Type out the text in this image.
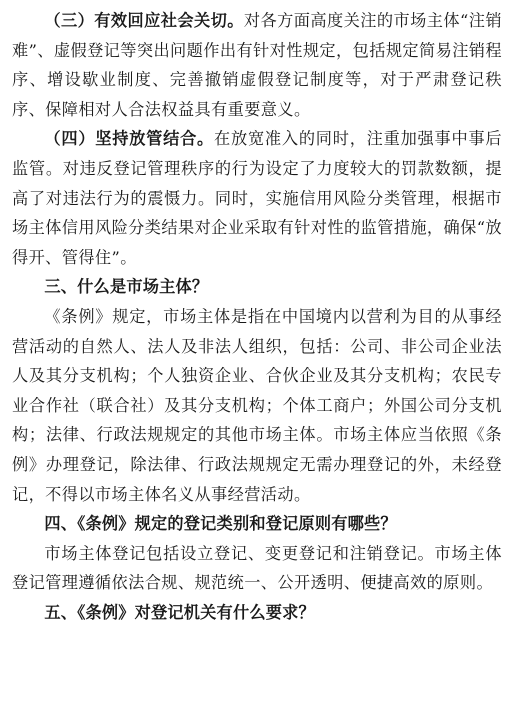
（三）有效回应社会关切。对各方面高度关注的市场主体“注销难”、虚假登记等突出问题作出有针对性规定，包括规定简易注销程序、增设歇业制度、完善撤销虚假登记制度等，对于严肃登记秩序、保障相对人合法权益具有重要意义。

（四）坚持放管结合。在放宽准入的同时，注重加强事中事后监管。对违反登记管理秩序的行为设定了力度较大的罚款数额，提高了对违法行为的震慑力。同时，实施信用风险分类管理，根据市场主体信用风险分类结果对企业采取有针对性的监管措施，确保“放得开、管得住”。

三、什么是市场主体？

《条例》规定，市场主体是指在中国境内以营利为目的从事经营活动的自然人、法人及非法人组织，包括：公司、非公司企业法人及其分支机构；个人独资企业、合伙企业及其分支机构；农民专业合作社（联合社）及其分支机构；个体工商户；外国公司分支机构；法律、行政法规规定的其他市场主体。市场主体应当依照《条例》办理登记，除法律、行政法规规定无需办理登记的外，未经登记，不得以市场主体名义从事经营活动。

四、《条例》规定的登记类别和登记原则有哪些？

市场主体登记包括设立登记、变更登记和注销登记。市场主体登记管理遵循依法合规、规范统一、公开透明、便捷高效的原则。

五、《条例》对登记机关有什么要求？
